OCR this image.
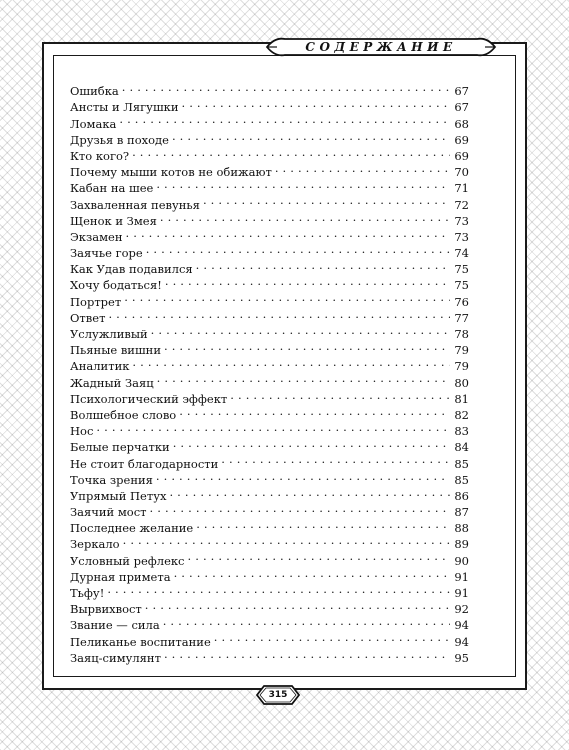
СОДЕРЖАНИЕ
Ошибка . . .	67
Ансты и Лягушки . . .	67
Ломака . . .	68
Друзья в походе . . .	69
Кто кого? . . .	69
Почему мыши котов не обижают . . .	70
Кабан на шее . . .	71
Захваленная певунья . . .	72
Щенок и Змея . . .	73
Экзамен . . .	73
Заячье горе . . .	74
Как Удав подавился . . .	75
Хочу бодаться! . . .	75
Портрет . . .	76
Ответ . . .	77
Услужливый . . .	78
Пьяные вишни . . .	79
Аналитик . . .	79
Жадный Заяц . . .	80
Психологический эффект . . .	81
Волшебное слово . . .	82
Нос . . .	83
Белые перчатки . . .	84
Не стоит благодарности . . .	85
Точка зрения . . .	85
Упрямый Петух . . .	86
Заячий мост . . .	87
Последнее желание . . .	88
Зеркало . . .	89
Условный рефлекс . . .	90
Дурная примета . . .	91
Тьфу! . . .	91
Вырвихвост . . .	92
Звание — сила . . .	94
Пеликанье воспитание . . .	94
Заяц-симулянт . . .	95
315
